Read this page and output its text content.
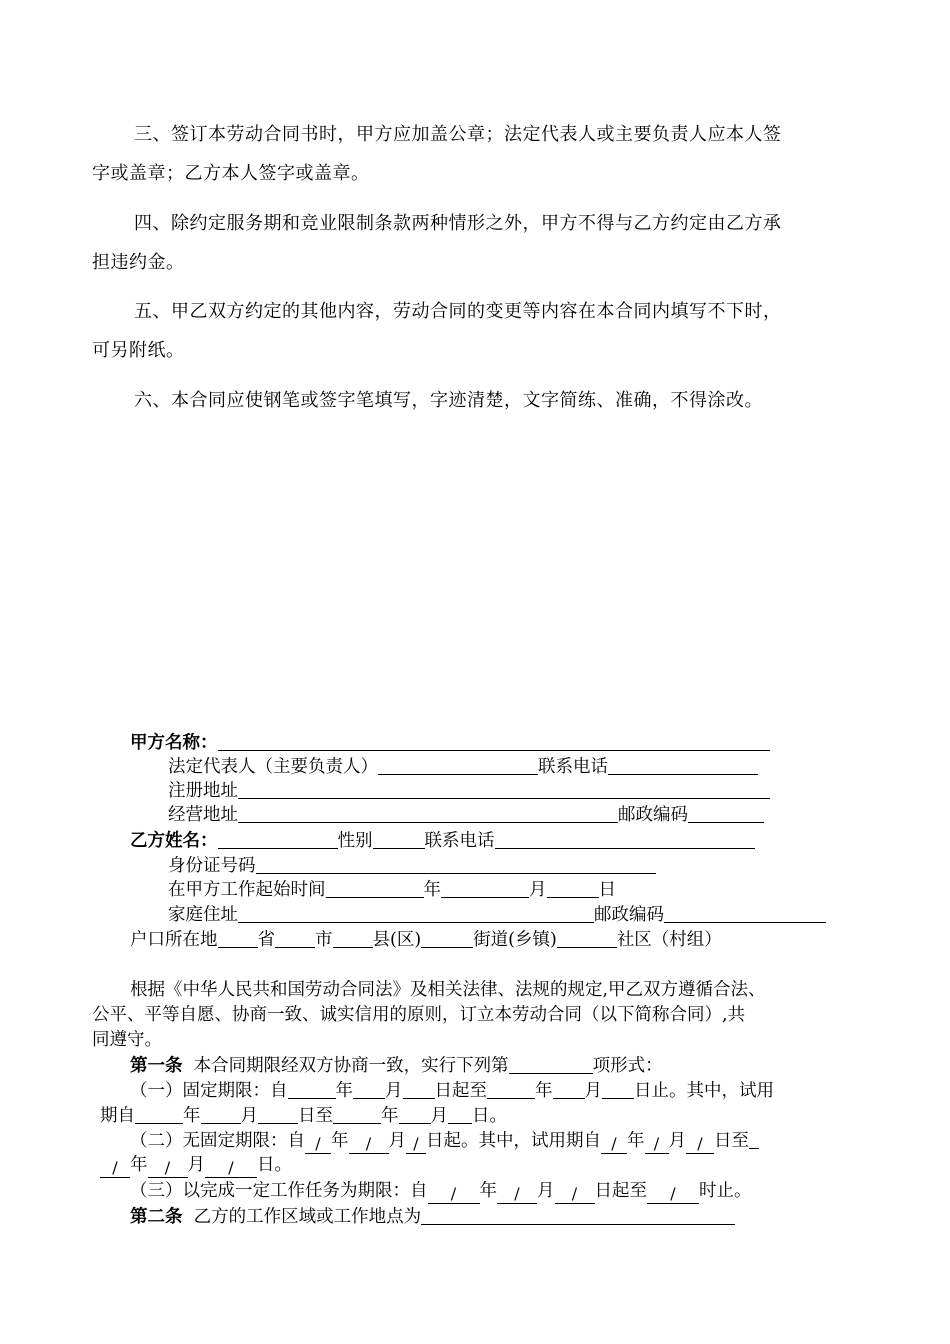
三、签订本劳动合同书时，甲方应加盖公章；法定代表人或主要负责人应本人签
字或盖章；乙方本人签字或盖章。
四、除约定服务期和竞业限制条款两种情形之外，甲方不得与乙方约定由乙方承
担违约金。
五、甲乙双方约定的其他内容，劳动合同的变更等内容在本合同内填写不下时，
可另附纸。
六、本合同应使钢笔或签字笔填写，字迹清楚，文字简练、准确，不得涂改。
甲方名称：
法定代表人（主要负责人）	联系电话
注册地址
经营地址	邮政编码
乙方姓名：	性别	联系电话
身份证号码
在甲方工作起始时间	年	月	日
家庭住址	邮政编码
户口所在地 省 市 县(区)	街道(乡镇)	社区（村组）
根据《中华人民共和国劳动合同法》及相关法律、法规的规定,甲乙双方遵循合法、
公平、平等自愿、协商一致、诚实信用的原则，订立本劳动合同（以下简称合同）,共
同遵守。
第一条 本合同期限经双方协商一致，实行下列第	项形式：
（一）固定期限：自	年 月 日起至	年 月 日止。其中，试用
期自	年 月 日至	年 月 日。
（二）无固定期限：自 / 年 / 月 / 日起。其中，试用期自 / 年 / 月 / 日至
/ 年 / 月 / 日。
（三）以完成一定工作任务为期限：自 / 年 / 月 / 日起至 / 时止。
第二条 乙方的工作区域或工作地点为
